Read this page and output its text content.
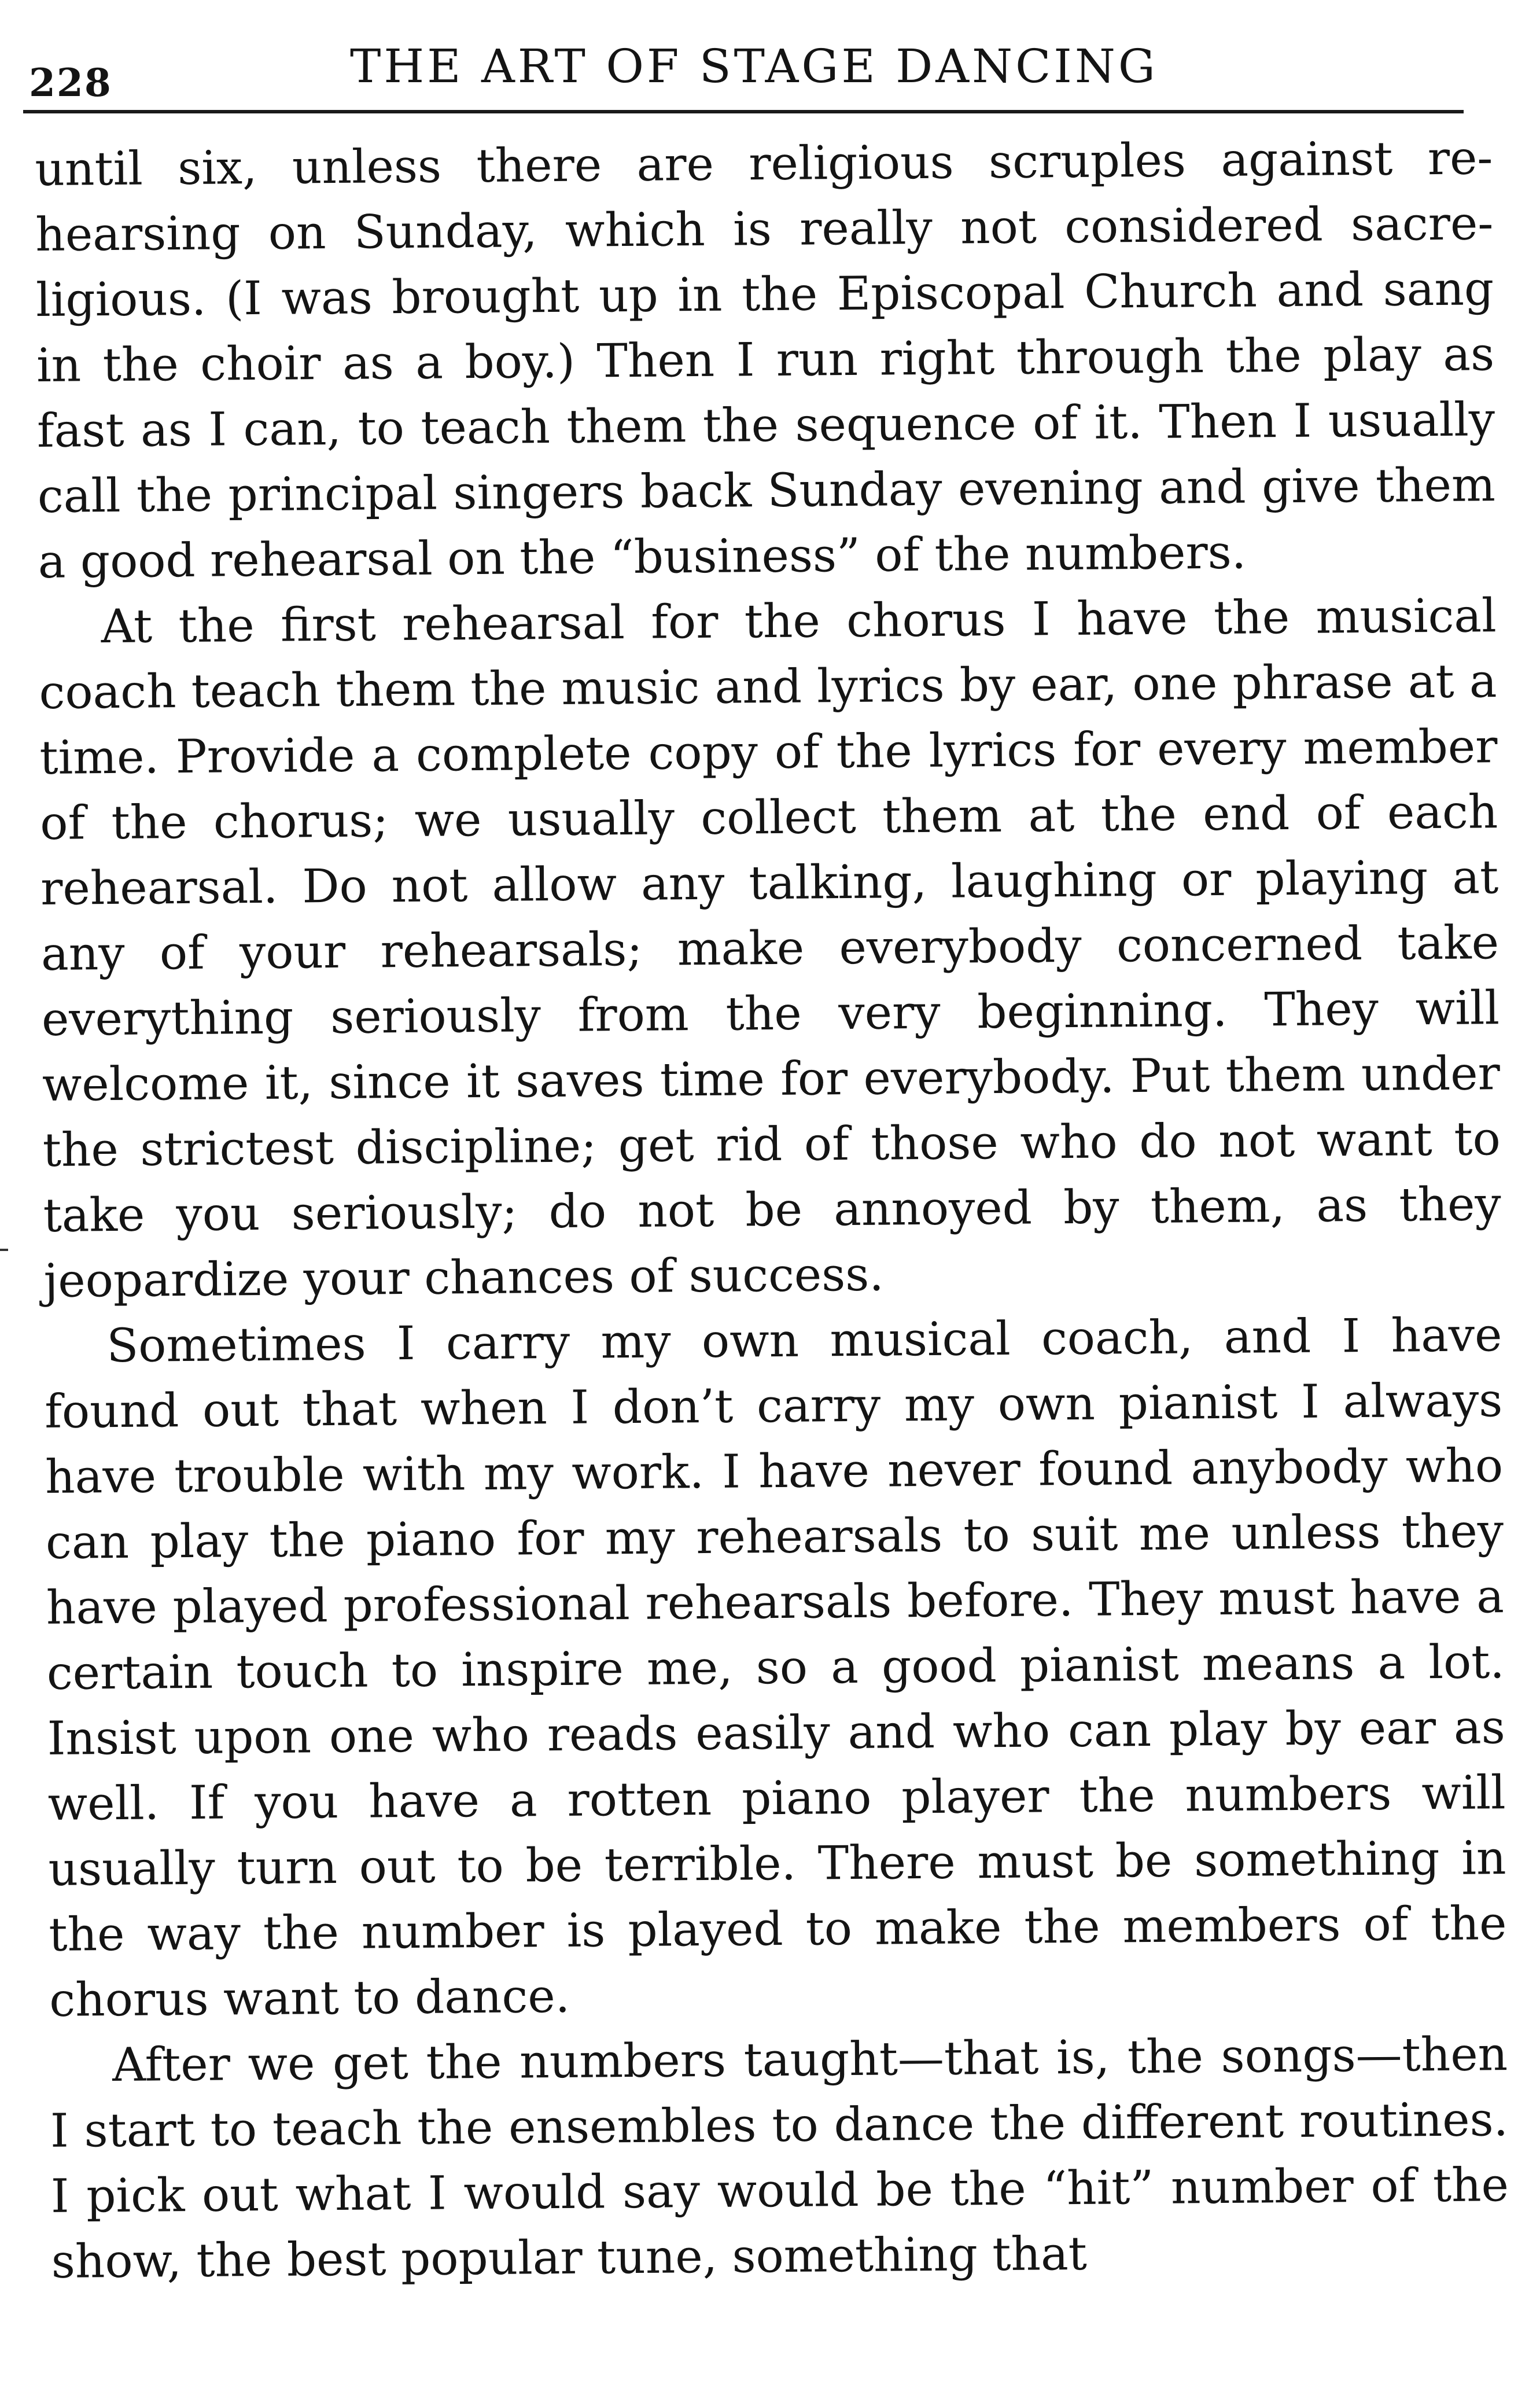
228	THE ART OF STAGE DANCING

until six, unless there are religious scruples against rehearsing on Sunday, which is really not considered sacreligious. (I was brought up in the Episcopal Church and sang in the choir as a boy.) Then I run right through the play as fast as I can, to teach them the sequence of it. Then I usually call the principal singers back Sunday evening and give them a good rehearsal on the “business” of the numbers.

At the first rehearsal for the chorus I have the musical coach teach them the music and lyrics by ear, one phrase at a time. Provide a complete copy of the lyrics for every member of the chorus; we usually collect them at the end of each rehearsal. Do not allow any talking, laughing or playing at any of your rehearsals; make everybody concerned take everything seriously from the very beginning. They will welcome it, since it saves time for everybody. Put them under the strictest discipline; get rid of those who do not want to take you seriously; do not be annoyed by them, as they jeopardize your chances of success.

Sometimes I carry my own musical coach, and I have found out that when I don’t carry my own pianist I always have trouble with my work. I have never found anybody who can play the piano for my rehearsals to suit me unless they have played professional rehearsals before. They must have a certain touch to inspire me, so a good pianist means a lot. Insist upon one who reads easily and who can play by ear as well. If you have a rotten piano player the numbers will usually turn out to be terrible. There must be something in the way the number is played to make the members of the chorus want to dance.

After we get the numbers taught—that is, the songs—then I start to teach the ensembles to dance the different routines. I pick out what I would say would be the “hit” number of the show, the best popular tune, something that
